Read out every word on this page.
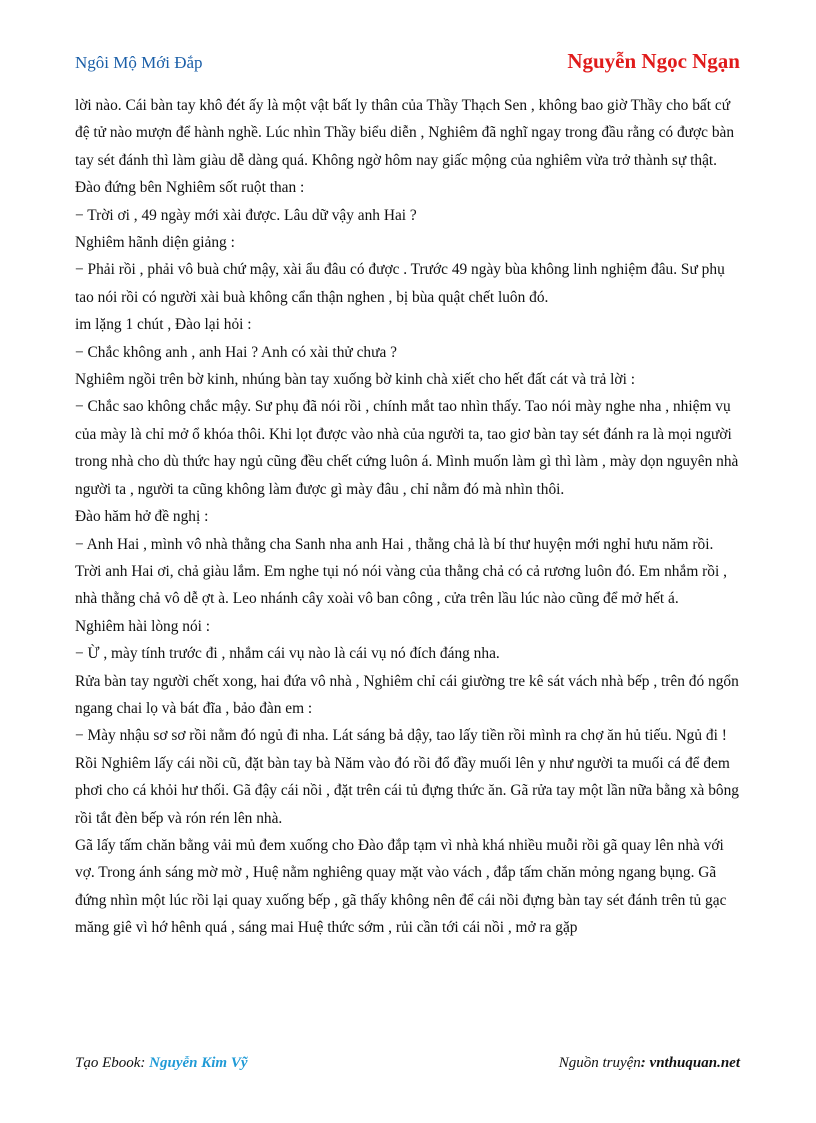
Ngôi Mộ Mới Đắp	Nguyễn Ngọc Ngạn

lời nào. Cái bàn tay khô đét ấy là một vật bất ly thân của Thầy Thạch Sen , không bao giờ Thầy cho bất cứ đệ tử nào mượn để hành nghề. Lúc nhìn Thầy biểu diễn , Nghiêm đã nghĩ ngay trong đầu rằng có được bàn tay sét đánh thì làm giàu dễ dàng quá. Không ngờ hôm nay giấc mộng của nghiêm vừa trở thành sự thật. Đào đứng bên Nghiêm sốt ruột than :

− Trời ơi , 49 ngày mới xài được. Lâu dữ vậy anh Hai ?

Nghiêm hãnh diện giảng :

− Phải rồi , phải vô buà chứ mậy, xài ẩu đâu có được . Trước 49 ngày bùa không linh nghiệm đâu. Sư phụ tao nói rồi có người xài buà không cẩn thận nghen , bị bùa quật chết luôn đó.

im lặng 1 chút , Đào lại hỏi :

− Chắc không anh , anh Hai ? Anh có xài thử chưa ?

Nghiêm ngồi trên bờ kinh, nhúng bàn tay xuống bờ kinh chà xiết cho hết đất cát và trả lời :

− Chắc sao không chắc mậy. Sư phụ đã nói rồi , chính mắt tao nhìn thấy. Tao nói mày nghe nha , nhiệm vụ của mày là chỉ mở ổ khóa thôi. Khi lọt được vào nhà của người ta, tao giơ bàn tay sét đánh ra là mọi người trong nhà cho dù thức hay ngủ cũng đều chết cứng luôn á. Mình muốn làm gì thì làm , mày dọn nguyên nhà người ta , người ta cũng không làm được gì mày đâu , chỉ nằm đó mà nhìn thôi.

Đào hăm hở đề nghị :

− Anh Hai , mình vô nhà thằng cha Sanh nha anh Hai , thằng chả là bí thư huyện mới nghỉ hưu năm rồi. Trời anh Hai ơi, chả giàu lắm. Em nghe tụi nó nói vàng của thằng chả có cả rương luôn đó. Em nhắm rồi , nhà thằng chả vô dễ ợt à. Leo nhánh cây xoài vô ban công , cửa trên lầu lúc nào cũng để mở hết á.

Nghiêm hài lòng nói :

− Ừ , mày tính trước đi , nhắm cái vụ nào là cái vụ nó đích đáng nha.

Rửa bàn tay người chết xong, hai đứa vô nhà , Nghiêm chỉ cái giường tre kê sát vách nhà bếp , trên đó ngổn ngang chai lọ và bát đĩa , bảo đàn em :

− Mày nhậu sơ sơ rồi nằm đó ngủ đi nha. Lát sáng bả dậy, tao lấy tiền rồi mình ra chợ ăn hủ tiếu. Ngủ đi !

Rồi Nghiêm lấy cái nồi cũ, đặt bàn tay bà Năm vào đó rồi đổ đầy muối lên y như người ta muối cá để đem phơi cho cá khỏi hư thối. Gã đậy cái nồi , đặt trên cái tủ đựng thức ăn. Gã rửa tay một lần nữa bằng xà bông rồi tắt đèn bếp và rón rén lên nhà.

Gã lấy tấm chăn bằng vải mủ đem xuống cho Đào đắp tạm vì nhà khá nhiều muỗi rồi gã quay lên nhà với vợ. Trong ánh sáng mờ mờ , Huệ nằm nghiêng quay mặt vào vách , đắp tấm chăn mỏng ngang bụng. Gã đứng nhìn một lúc rồi lại quay xuống bếp , gã thấy không nên để cái nồi đựng bàn tay sét đánh trên tủ gạc măng giê vì hớ hênh quá , sáng mai Huệ thức sớm , rủi cần tới cái nồi , mở ra gặp

Tạo Ebook: Nguyễn Kim Vỹ	Nguồn truyện: vnthuquan.net
